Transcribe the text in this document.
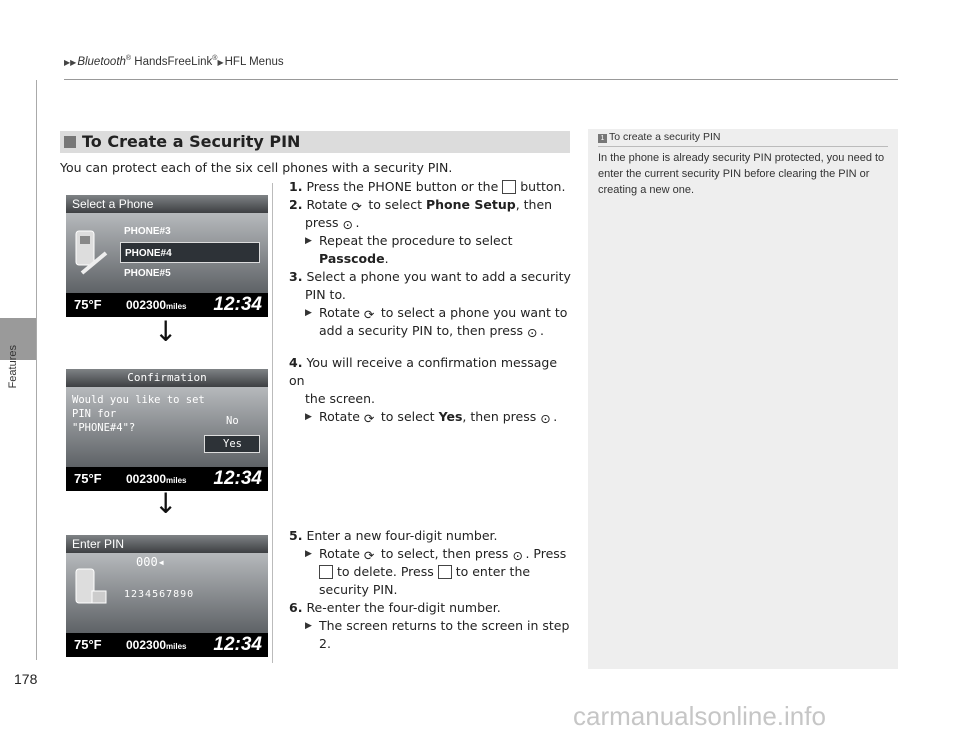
▶▶Bluetooth® HandsFreeLink®▶HFL Menus
Features
178
To Create a Security PIN
You can protect each of the six cell phones with a security PIN.
Select a Phone
PHONE#3
PHONE#4
PHONE#5
75°F 002300miles 12:34
↓
Confirmation
Would you like to set
PIN for
"PHONE#4"?
No
Yes
75°F 002300miles 12:34
↓
Enter PIN
000◂
1234567890
75°F 002300miles 12:34
1. Press the PHONE button or the button.
2. Rotate ⟳ to select Phone Setup, then
press ⊙ .
▶ Repeat the procedure to select
Passcode.
3. Select a phone you want to add a security
PIN to.
▶ Rotate ⟳ to select a phone you want to
add a security PIN to, then press ⊙ .
4. You will receive a confirmation message on
the screen.
▶ Rotate ⟳ to select Yes, then press ⊙ .
5. Enter a new four-digit number.
▶ Rotate ⟳ to select, then press ⊙ . Press
to delete. Press to enter the
security PIN.
6. Re-enter the four-digit number.
▶ The screen returns to the screen in step
2.
1 To create a security PIN
In the phone is already security PIN protected, you need to enter the current security PIN before clearing the PIN or creating a new one.
carmanualsonline.info
